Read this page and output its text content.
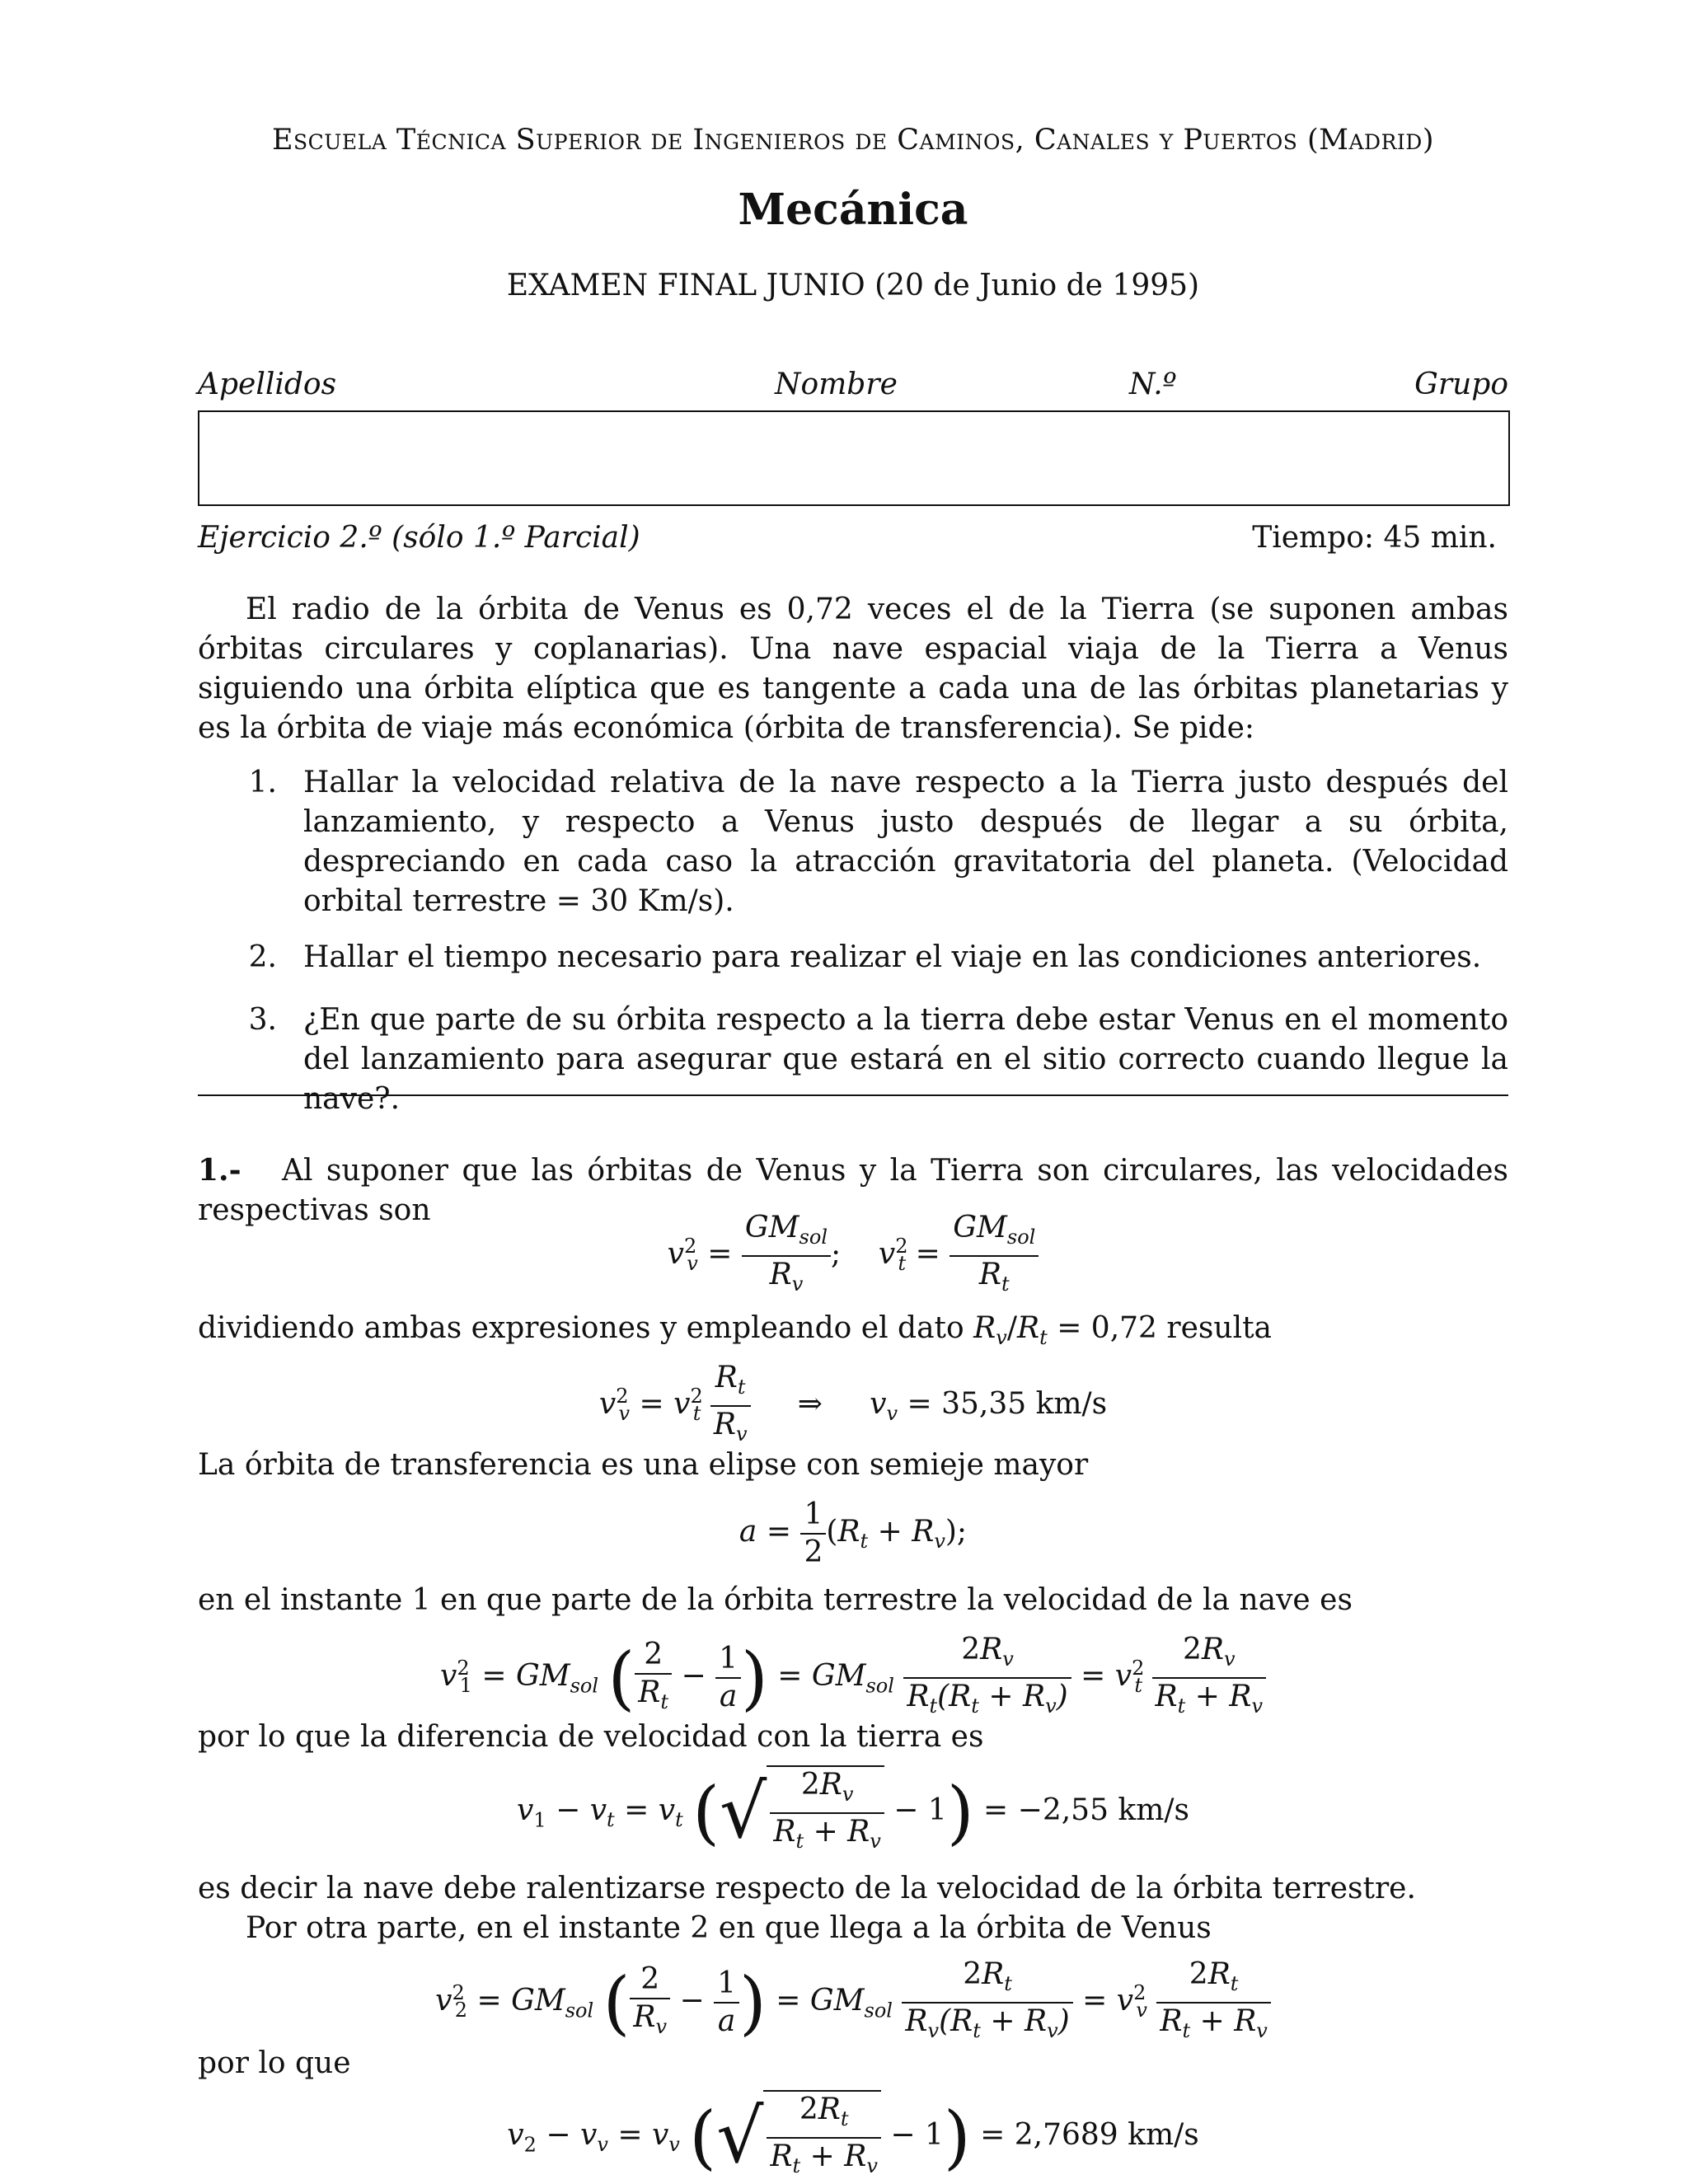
Escuela Técnica Superior de Ingenieros de Caminos, Canales y Puertos (Madrid)
Mecánica
EXAMEN FINAL JUNIO (20 de Junio de 1995)
Apellidos	Nombre	N.º	Grupo
Ejercicio 2.º (sólo 1.º Parcial)	Tiempo: 45 min.
El radio de la órbita de Venus es 0,72 veces el de la Tierra (se suponen ambas órbitas circulares y coplanarias). Una nave espacial viaja de la Tierra a Venus siguiendo una órbita elíptica que es tangente a cada una de las órbitas planetarias y es la órbita de viaje más económica (órbita de transferencia). Se pide:
1. Hallar la velocidad relativa de la nave respecto a la Tierra justo después del lanzamiento, y respecto a Venus justo después de llegar a su órbita, despreciando en cada caso la atracción gravitatoria del planeta. (Velocidad orbital terrestre = 30 Km/s).
2. Hallar el tiempo necesario para realizar el viaje en las condiciones anteriores.
3. ¿En que parte de su órbita respecto a la tierra debe estar Venus en el momento del lanzamiento para asegurar que estará en el sitio correcto cuando llegue la nave?.
1.- Al suponer que las órbitas de Venus y la Tierra son circulares, las velocidades respectivas son
$v^2_v = \frac{GM_{sol}}{R_v}$ ;    $v^2_t = \frac{GM_{sol}}{R_t}$
dividiendo ambas expresiones y empleando el dato $R_v/R_t = 0,72$ resulta
$v^2_v = v^2_t \frac{R_t}{R_v}$ ⇒     $v_v = 35,35$ km/s
La órbita de transferencia es una elipse con semieje mayor
$a = \frac{1}{2} (R_t + R_v)$;
en el instante 1 en que parte de la órbita terrestre la velocidad de la nave es
$v^2_1 = GM_{sol}$ ( $\frac{2}{R_t} - \frac{1}{a}$ ) = $GM_{sol} \frac{2R_v}{R_t(R_t + R_v)} = v^2_t \frac{2R_v}{R_t + R_v}$
por lo que la diferencia de velocidad con la tierra es
$v_1 - v_t = v_t$ (√ $\frac{2R_v}{R_t + R_v} - 1) = -2,55$ km/s
es decir la nave debe ralentizarse respecto de la velocidad de la órbita terrestre.
Por otra parte, en el instante 2 en que llega a la órbita de Venus
$v^2_2 = GM_{sol}$ ( $\frac{2}{R_v} - \frac{1}{a}$ ) = $GM_{sol} \frac{2R_t}{R_v(R_t + R_v)} = v^2_v \frac{2R_t}{R_t + R_v}$
por lo que
$v_2 - v_v = v_v$ (√ $\frac{2R_t}{R_t + R_v} - 1) = 2,7689$ km/s
